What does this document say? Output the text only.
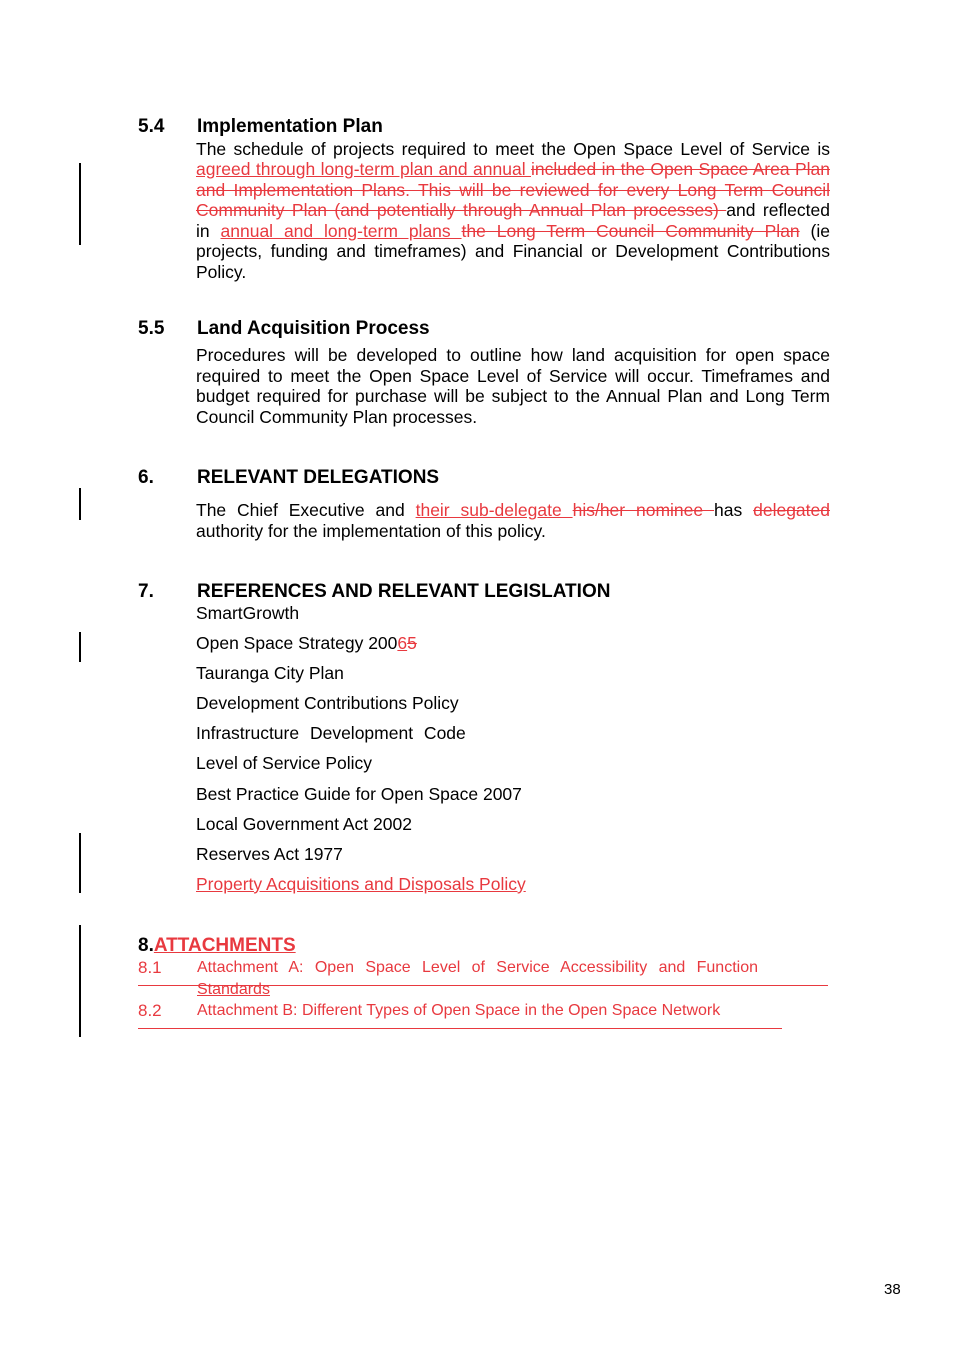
5.4 Implementation Plan
The schedule of projects required to meet the Open Space Level of Service is
agreed through long-term plan and annual included in the Open Space Area Plan
and Implementation Plans. This will be reviewed for every Long Term Council
Community Plan (and potentially through Annual Plan processes) and reflected
in annual and long-term plans the Long Term Council Community Plan (ie
projects, funding and timeframes) and Financial or Development Contributions
Policy.
5.5 Land Acquisition Process
Procedures will be developed to outline how land acquisition for open space
required to meet the Open Space Level of Service will occur. Timeframes and
budget required for purchase will be subject to the Annual Plan and Long Term
Council Community Plan processes.
6. RELEVANT DELEGATIONS
The Chief Executive and their sub-delegate his/her nominee has delegated
authority for the implementation of this policy.
7. REFERENCES AND RELEVANT LEGISLATION
SmartGrowth
Open Space Strategy 20065
Tauranga City Plan
Development Contributions Policy
Infrastructure Development Code
Level of Service Policy
Best Practice Guide for Open Space 2007
Local Government Act 2002
Reserves Act 1977
Property Acquisitions and Disposals Policy
8.ATTACHMENTS
8.1 Attachment A: Open Space Level of Service Accessibility and Function
Standards
8.2 Attachment B: Different Types of Open Space in the Open Space Network
38
